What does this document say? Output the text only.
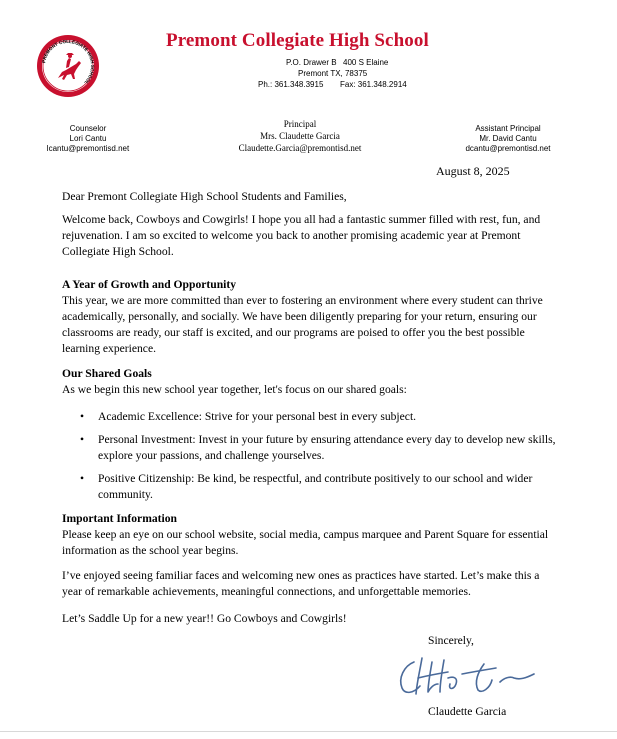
PREMONT COLLEGIATE HIGH SCHOOL
Premont Collegiate High School
P.O. Drawer B 400 S Elaine
Premont TX, 78375
Ph.: 361.348.3915 Fax: 361.348.2914
Counselor
Lori Cantu
lcantu@premontisd.net
Principal
Mrs. Claudette Garcia
Claudette.Garcia@premontisd.net
Assistant Principal
Mr. David Cantu
dcantu@premontisd.net
August 8, 2025

Dear Premont Collegiate High School Students and Families,

Welcome back, Cowboys and Cowgirls! I hope you all had a fantastic summer filled with rest, fun, and rejuvenation. I am so excited to welcome you back to another promising academic year at Premont Collegiate High School.

A Year of Growth and Opportunity

This year, we are more committed than ever to fostering an environment where every student can thrive academically, personally, and socially. We have been diligently preparing for your return, ensuring our classrooms are ready, our staff is excited, and our programs are poised to offer you the best possible learning experience.

Our Shared Goals

As we begin this new school year together, let's focus on our shared goals:

• Academic Excellence: Strive for your personal best in every subject.
• Personal Investment: Invest in your future by ensuring attendance every day to develop new skills, explore your passions, and challenge yourselves.
• Positive Citizenship: Be kind, be respectful, and contribute positively to our school and wider community.

Important Information

Please keep an eye on our school website, social media, campus marquee and Parent Square for essential information as the school year begins.

I’ve enjoyed seeing familiar faces and welcoming new ones as practices have started. Let’s make this a year of remarkable achievements, meaningful connections, and unforgettable memories.

Let’s Saddle Up for a new year!! Go Cowboys and Cowgirls!

Sincerely,
Claudette Garcia
